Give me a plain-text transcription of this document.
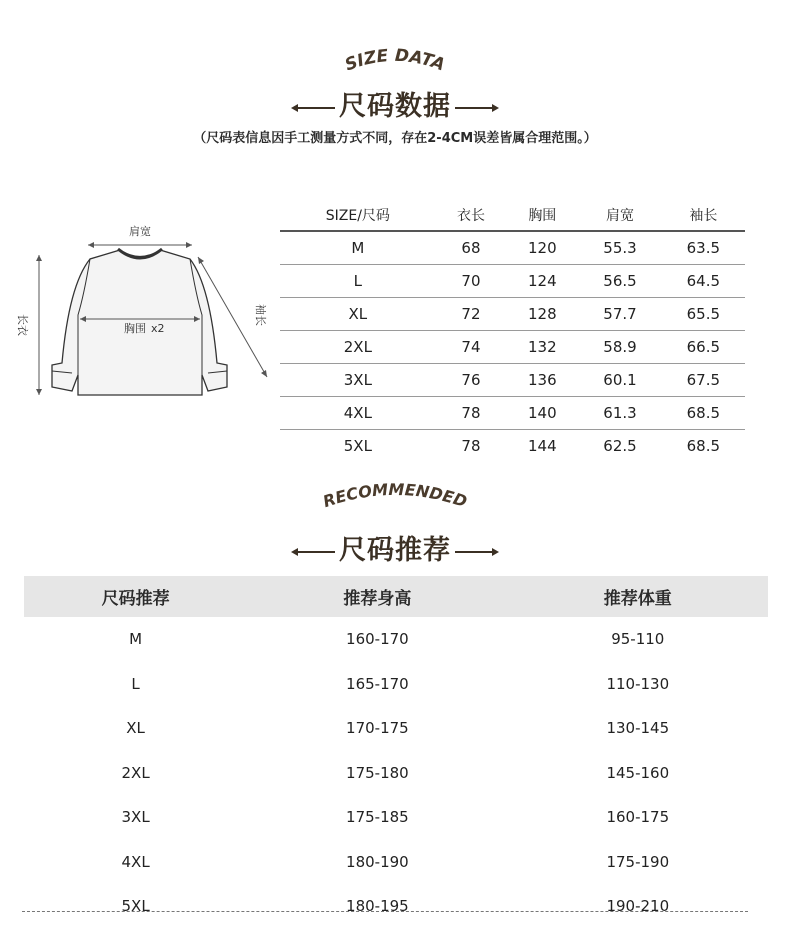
SIZE DATA
尺码数据
（尺码表信息因手工测量方式不同，存在2-4CM误差皆属合理范围。）
肩宽
长衣	袖长
胸围 x2
SIZE/尺码	衣长	胸围	肩宽	袖长
M	68	120	55.3	63.5
L	70	124	56.5	64.5
XL	72	128	57.7	65.5
2XL	74	132	58.9	66.5
3XL	76	136	60.1	67.5
4XL	78	140	61.3	68.5
5XL	78	144	62.5	68.5
RECOMMENDED
尺码推荐
尺码推荐	推荐身高	推荐体重
M	160-170	95-110
L	165-170	110-130
XL	170-175	130-145
2XL	175-180	145-160
3XL	175-185	160-175
4XL	180-190	175-190
5XL	180-195	190-210
